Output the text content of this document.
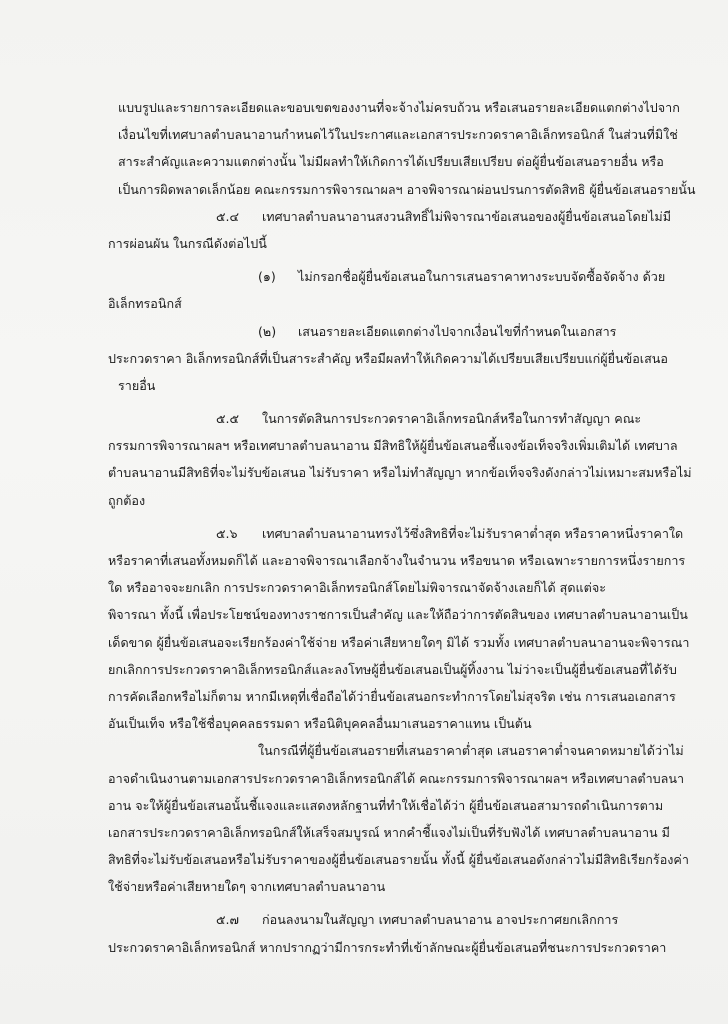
แบบรูปและรายการละเอียดและขอบเขตของงานที่จะจ้างไม่ครบถ้วน หรือเสนอรายละเอียดแตกต่างไปจาก
เงื่อนไขที่เทศบาลตำบลนาอานกำหนดไว้ในประกาศและเอกสารประกวดราคาอิเล็กทรอนิกส์ ในส่วนที่มิใช่
สาระสำคัญและความแตกต่างนั้น ไม่มีผลทำให้เกิดการได้เปรียบเสียเปรียบ ต่อผู้ยื่นข้อเสนอรายอื่น หรือ
เป็นการผิดพลาดเล็กน้อย คณะกรรมการพิจารณาผลฯ อาจพิจารณาผ่อนปรนการตัดสิทธิ ผู้ยื่นข้อเสนอรายนั้น
๕.๔ เทศบาลตำบลนาอานสงวนสิทธิ์ไม่พิจารณาข้อเสนอของผู้ยื่นข้อเสนอโดยไม่มี
การผ่อนผัน ในกรณีดังต่อไปนี้
(๑) ไม่กรอกชื่อผู้ยื่นข้อเสนอในการเสนอราคาทางระบบจัดซื้อจัดจ้าง ด้วย
อิเล็กทรอนิกส์
(๒) เสนอรายละเอียดแตกต่างไปจากเงื่อนไขที่กำหนดในเอกสาร
ประกวดราคา อิเล็กทรอนิกส์ที่เป็นสาระสำคัญ หรือมีผลทำให้เกิดความได้เปรียบเสียเปรียบแก่ผู้ยื่นข้อเสนอ
รายอื่น
๕.๕ ในการตัดสินการประกวดราคาอิเล็กทรอนิกส์หรือในการทำสัญญา คณะ
กรรมการพิจารณาผลฯ หรือเทศบาลตำบลนาอาน มีสิทธิให้ผู้ยื่นข้อเสนอชี้แจงข้อเท็จจริงเพิ่มเติมได้ เทศบาล
ตำบลนาอานมีสิทธิที่จะไม่รับข้อเสนอ ไม่รับราคา หรือไม่ทำสัญญา หากข้อเท็จจริงดังกล่าวไม่เหมาะสมหรือไม่
ถูกต้อง
๕.๖ เทศบาลตำบลนาอานทรงไว้ซึ่งสิทธิที่จะไม่รับราคาต่ำสุด หรือราคาหนึ่งราคาใด
หรือราคาที่เสนอทั้งหมดก็ได้ และอาจพิจารณาเลือกจ้างในจำนวน หรือขนาด หรือเฉพาะรายการหนึ่งรายการ
ใด หรืออาจจะยกเลิก การประกวดราคาอิเล็กทรอนิกส์โดยไม่พิจารณาจัดจ้างเลยก็ได้ สุดแต่จะ
พิจารณา ทั้งนี้ เพื่อประโยชน์ของทางราชการเป็นสำคัญ และให้ถือว่าการตัดสินของ เทศบาลตำบลนาอานเป็น
เด็ดขาด ผู้ยื่นข้อเสนอจะเรียกร้องค่าใช้จ่าย หรือค่าเสียหายใดๆ มิได้ รวมทั้ง เทศบาลตำบลนาอานจะพิจารณา
ยกเลิกการประกวดราคาอิเล็กทรอนิกส์และลงโทษผู้ยื่นข้อเสนอเป็นผู้ทิ้งงาน ไม่ว่าจะเป็นผู้ยื่นข้อเสนอที่ได้รับ
การคัดเลือกหรือไม่ก็ตาม หากมีเหตุที่เชื่อถือได้ว่ายื่นข้อเสนอกระทำการโดยไม่สุจริต เช่น การเสนอเอกสาร
อันเป็นเท็จ หรือใช้ชื่อบุคคลธรรมดา หรือนิติบุคคลอื่นมาเสนอราคาแทน เป็นต้น
ในกรณีที่ผู้ยื่นข้อเสนอรายที่เสนอราคาต่ำสุด เสนอราคาต่ำจนคาดหมายได้ว่าไม่
อาจดำเนินงานตามเอกสารประกวดราคาอิเล็กทรอนิกส์ได้ คณะกรรมการพิจารณาผลฯ หรือเทศบาลตำบลนา
อาน จะให้ผู้ยื่นข้อเสนอนั้นชี้แจงและแสดงหลักฐานที่ทำให้เชื่อได้ว่า ผู้ยื่นข้อเสนอสามารถดำเนินการตาม
เอกสารประกวดราคาอิเล็กทรอนิกส์ให้เสร็จสมบูรณ์ หากคำชี้แจงไม่เป็นที่รับฟังได้ เทศบาลตำบลนาอาน มี
สิทธิที่จะไม่รับข้อเสนอหรือไม่รับราคาของผู้ยื่นข้อเสนอรายนั้น ทั้งนี้ ผู้ยื่นข้อเสนอดังกล่าวไม่มีสิทธิเรียกร้องค่า
ใช้จ่ายหรือค่าเสียหายใดๆ จากเทศบาลตำบลนาอาน
๕.๗ ก่อนลงนามในสัญญา เทศบาลตำบลนาอาน อาจประกาศยกเลิกการ
ประกวดราคาอิเล็กทรอนิกส์ หากปรากฏว่ามีการกระทำที่เข้าลักษณะผู้ยื่นข้อเสนอที่ชนะการประกวดราคา
